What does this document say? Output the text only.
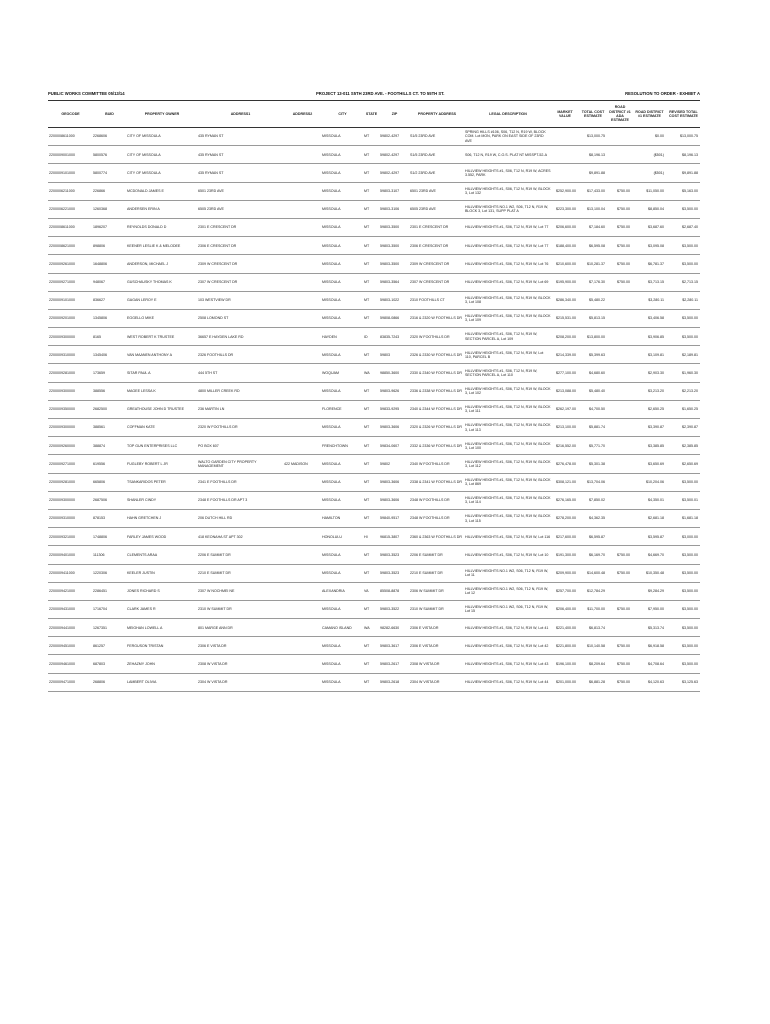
PUBLIC WORKS COMMITTEE 05/13/14	PROJECT 13-011 S5TH 23RD AVE. - FOOTHILLS CT. TO 55TH ST.	RESOLUTION TO ORDER - EXHIBIT A
GEOCODE	BUID	PROPERTY OWNER	ADDRESS1	ADDRESS2	CITY	STATE	ZIP	PROPERTY ADDRESS	LEGAL DESCRIPTION	MARKET VALUE	TOTAL COST ESTIMATE	ROAD DISTRICT #1 ADA ESTIMATE	ROAD DISTRICT #1 ESTIMATE	REVISED TOTAL COST ESTIMATE
2200008611000	2268606	CITY OF MISSOULA	435 RYMAN ST		MISSOULA	MT	59802-4297	S1/5 23RD AVE	SPRING HILLS #106, S06, T12 N, R19 W, BLOCK COM. Lot MON, PARK ON EAST SIDE OF 23RD AVE		$13,000.75		$0.00	$13,000.75
2200009001000	5800576	CITY OF MISSOULA	435 RYMAN ST		MISSOULA	MT	59802-4297	S1/5 23RD AVE	S06, T12 N, R19 W, C.O.S. PLAT NT MISSPT-52-A		$8,196.13		($501)	$8,196.13
2200009101000	5800774	CITY OF MISSOULA	435 RYMAN ST		MISSOULA	MT	59802-4297	S1/2 23RD AVE	HILLVIEW HEIGHTS #1, S06, T12 N, R19 W, ACRES 3.552, PARK		$9,891.88		($501)	$9,891.88
2200006211000	226866	MCDONALD JAMES E	6501 23RD AVE		MISSOULA	MT	59803-3107	6501 23RD AVE	HILLVIEW HEIGHTS #1, S06, T12 N, R19 W, BLOCK 3, Lot 132	$252,900.00	$17,433.00	$750.00	$11,050.00	$5,163.00
2200006221000	1260368	ANDERSEN ERIN A	6505 23RD AVE		MISSOULA	MT	59803-3106	6505 23RD AVE	HILLVIEW HEIGHTS NO.1 W2, S06, T12 N, R19 W, BLOCK 3, Lot 131, SUPP PLAT A	$223,300.00	$13,100.04	$750.00	$8,850.04	$3,500.00
2200008611000	1896207	REYNOLDS DONALD D	2301 E CRESCENT DR		MISSOULA	MT	59803-3500	2301 E CRESCENT DR	HILLVIEW HEIGHTS #1, S06, T12 N, R19 W, Lot 77	$206,600.00	$7,184.60	$750.00	$3,687.60	$2,687.40
2200008621000	898806	KEENER LESLIE K & MELODEE	2306 E CRESCENT DR		MISSOULA	MT	59803-3500	2306 E CRESCENT DR	HILLVIEW HEIGHTS #1, S06, T12 N, R19 W, Lot 77	$188,400.00	$6,595.08	$750.00	$3,095.08	$3,500.00
2200009261000	1648806	ANDERSON, MICHAEL J	2309 W CRESCENT DR		MISSOULA	MT	59803-3500	2309 W CRESCENT DR	HILLVIEW HEIGHTS #1, S06, T12 N, R19 W, Lot 76	$210,600.00	$10,281.37	$750.00	$6,781.37	$3,500.00
2200009271000	948067	GUSCHAUSKY THOMAS K	2307 W CRESCENT DR		MISSOULA	MT	59803-3564	2307 W CRESCENT DR	HILLVIEW HEIGHTS #1, S06, T12 N, R19 W, Lot 69	$195,900.00	$7,176.30	$750.00	$3,713.15	$2,713.15
2200009101000	836627	GAGAN LEROY E	103 WESTVIEW DR		MISSOULA	MT	59803-1022	2310 FOOTHILLS CT	HILLVIEW HEIGHTS #1, S06, T12 N, R19 W, BLOCK 3, Lot 108	$286,340.00	$5,480.22		$3,280.11	$2,280.11
2200009201000	1345806	EGGELLO MIKE	2508 LOMOND ST		MISSOULA	MT	59808-0866	2316 & 2320 W FOOTHILLS DR	HILLVIEW HEIGHTS #1, S06, T12 N, R19 W, BLOCK 3, Lot 109	$215,531.00	$5,813.15		$3,406.58	$3,500.00
2200009300000	8165	WEST ROBERT K TRUSTEE	36657 E HAYDEN LAKE RD		HAYDEN	ID	83835-7243	2320 W FOOTHILLS DR	HILLVIEW HEIGHTS #1, S06, T12 N, R19 W, SECTION PARCEL A, Lot 109	$208,200.00	$13,800.00		$3,906.85	$3,500.00
2200009310000	1345406	VAN MAANEN ANTHONY A	2326 FOOTHILLS DR		MISSOULA	MT	59803	2326 & 2330 W FOOTHILLS DR	HILLVIEW HEIGHTS #1, S06, T12 N, R19 W, Lot 110, PARCEL B	$214,339.00	$5,399.63		$3,109.81	$2,189.81
2200009281000	173659	SITAR PAUL A	444 5TH ST		WOQUAM	WA	98850-3600	2330 & 2340 W FOOTHILLS DR	HILLVIEW HEIGHTS #1, S06, T12 N, R19 W, SECTION PARCEL A, Lot 110	$277,100.00	$4,680.60		$2,903.30	$1,960.30
2200009300000	388556	MAGEE LESSA K	4800 MILLER CREEK RD		MISSOULA	MT	59803-9626	2336 & 2338 W FOOTHILLS DR	HILLVIEW HEIGHTS #1, S06, T12 N, R19 W, BLOCK 3, Lot 102	$213,088.00	$5,480.40		$3,213.20	$2,213.20
2200009350000	2682500	GREATHOUSE JOHN D TRUSTEE	236 MARTIN LN		FLORENCE	MT	59833-9295	2340 & 2344 W FOOTHILLS DR	HILLVIEW HEIGHTS #1, S06, T12 N, R19 W, BLOCK 3, Lot 111	$262,197.00	$4,700.50		$2,650.25	$1,650.25
2200009300000	388561	COFFMAN KATE	2320 W FOOTHILLS DR		MISSOULA	MT	59803-3606	2320 & 2326 W FOOTHILLS DR	HILLVIEW HEIGHTS #1, S06, T12 N, R19 W, BLOCK 3, Lot 113	$213,100.00	$5,881.74		$3,390.87	$2,390.87
2200009260000	388874	TOP GUN ENTERPRISES LLC	PO BOX 607		FRENCHTOWN	MT	59834-0607	2332 & 2336 W FOOTHILLS DR	HILLVIEW HEIGHTS #1, S06, T12 N, R19 W, BLOCK 3, Lot 100	$216,552.00	$5,771.70		$3,385.85	$2,385.85
2200009271000	619556	FUGLEBY ROBERT L JR	WALTO GARDEN CITY PROPERTY MANAGEMENT	422 MADISON	MISSOULA	MT	59802	2340 W FOOTHILLS DR	HILLVIEW HEIGHTS #1, S06, T12 N, R19 W, BLOCK 3, Lot 112	$276,478.00	$5,301.38		$3,650.69	$2,650.69
2200009281000	665806	TSANKARIDOS PETER	2341 E FOOTHILLS DR		MISSOULA	MT	59803-3606	2338 & 2341 W FOOTHILLS DR	HILLVIEW HEIGHTS #1, S06, T12 N, R19 W, BLOCK 3, Lot 869	$308,121.00	$13,704.06		$10,204.06	$3,500.00
2200009300000	2687506	SHANLER CINDY	2348 E FOOTHILLS DR APT 3		MISSOULA	MT	59803-3606	2348 W FOOTHILLS DR	HILLVIEW HEIGHTS #1, S06, T12 N, R19 W, BLOCK 3, Lot 114	$276,165.00	$7,850.02		$4,350.01	$3,500.01
2200009310000	878153	HAHN GRETCHEN J	206 DUTCH HILL RD		HAMILTON	MT	59840-9517	2348 W FOOTHILLS DR	HILLVIEW HEIGHTS #1, S06, T12 N, R19 W, BLOCK 3, Lot 115	$278,200.00	$4,362.35		$2,681.18	$1,681.18
2200009321000	1748806	FARLEY JAMES WOOD	418 KEONAHA ST APT 302		HONOLULU	HI	96815-3807	2360 & 2363 W FOOTHILLS DR	HILLVIEW HEIGHTS #1, S06, T12 N, R19 W, Lot 116	$217,600.00	$6,595.87		$3,595.87	$3,000.00
2200009401000	111306	CLEMENTS ARAA	2206 E SUMMIT DR		MISSOULA	MT	59803-3523	2206 E SUMMIT DR	HILLVIEW HEIGHTS #1, S06, T12 N, R19 W, Lot 10	$191,300.00	$6,169.70	$750.00	$4,669.70	$3,500.00
2200009411000	1220306	KEELER JUSTIN	2210 E SUMMIT DR		MISSOULA	MT	59803-3523	2210 E SUMMIT DR	HILLVIEW HEIGHTS NO.1 W2, S06, T12 N, R19 W, Lot 11	$209,900.00	$14,600.48	$750.00	$10,350.48	$3,500.00
2200009421000	2286451	JONES RICHARD S	2307 W NOCHMEI NE		ALEXANDRIA	VA	85508-8878	2306 W SUMMIT DR	HILLVIEW HEIGHTS NO.1 W2, S06, T12 N, R19 W, Lot 12	$257,700.00	$12,784.29		$9,284.29	$3,500.00
2200009431000	1716704	CLARK JAMES R	2310 W SUMMIT DR		MISSOULA	MT	59803-3522	2310 W SUMMIT DR	HILLVIEW HEIGHTS NO.1 W2, S06, T12 N, R19 W, Lot 15	$206,400.00	$11,700.00	$750.00	$7,950.00	$3,500.00
2200009441000	1267351	MEIGHAN LOWELL A	801 MARGE ANN DR		CAMANO ISLAND	WA	98282-6630	2306 E VISTA DR	HILLVIEW HEIGHTS #1, S06, T12 N, R19 W, Lot 41	$221,400.00	$6,813.74		$5,313.74	$3,500.00
2200009451000	861257	FERGUSON TRISTAN	2306 E VISTA DR		MISSOULA	MT	59803-3617	2306 E VISTA DR	HILLVIEW HEIGHTS #1, S06, T12 N, R19 W, Lot 42	$221,800.00	$10,140.58	$750.00	$6,918.58	$3,500.00
2200009461000	687803	ZEHAZMY JOHN	2308 W VISTA DR		MISSOULA	MT	59803-2617	2308 W VISTA DR	HILLVIEW HEIGHTS #1, S06, T12 N, R19 W, Lot 43	$196,100.00	$8,209.64	$750.00	$4,708.64	$3,500.00
2200009471000	268806	LAMBERT OLIVIA	2304 W VISTA DR		MISSOULA	MT	59803-2618	2304 W VISTA DR	HILLVIEW HEIGHTS #1, S06, T12 N, R19 W, Lot 44	$201,000.00	$6,881.28	$750.00	$4,120.63	$3,125.63
